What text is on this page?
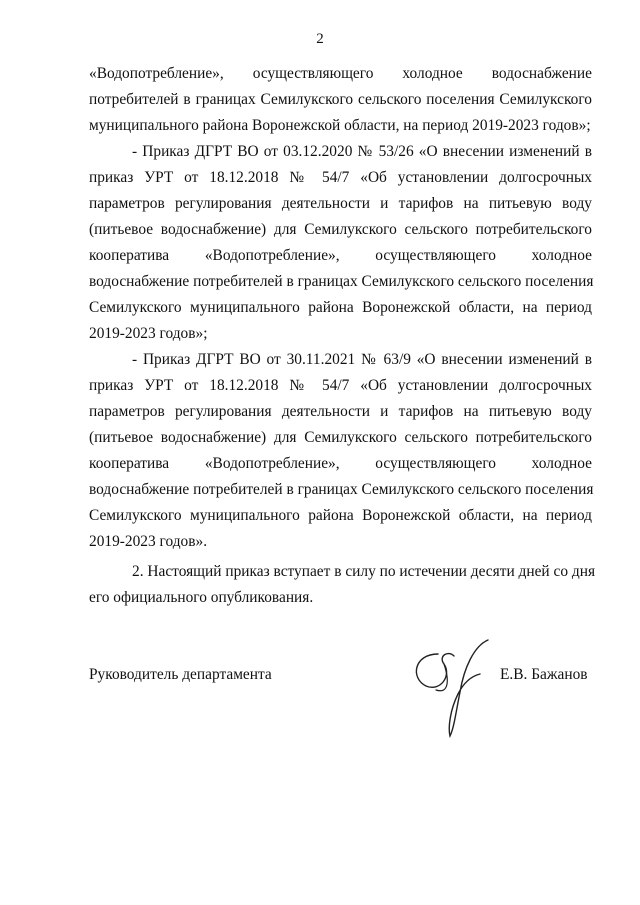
2
«Водопотребление», осуществляющего холодное водоснабжение
потребителей в границах Семилукского сельского поселения Семилукского
муниципального района Воронежской области, на период 2019-2023 годов»;
- Приказ ДГРТ ВО от 03.12.2020 № 53/26 «О внесении изменений в
приказ УРТ от 18.12.2018 № 54/7 «Об установлении долгосрочных
параметров регулирования деятельности и тарифов на питьевую воду
(питьевое водоснабжение) для Семилукского сельского потребительского
кооператива «Водопотребление», осуществляющего холодное
водоснабжение потребителей в границах Семилукского сельского поселения
Семилукского муниципального района Воронежской области, на период
2019-2023 годов»;
- Приказ ДГРТ ВО от 30.11.2021 № 63/9 «О внесении изменений в
приказ УРТ от 18.12.2018 № 54/7 «Об установлении долгосрочных
параметров регулирования деятельности и тарифов на питьевую воду
(питьевое водоснабжение) для Семилукского сельского потребительского
кооператива «Водопотребление», осуществляющего холодное
водоснабжение потребителей в границах Семилукского сельского поселения
Семилукского муниципального района Воронежской области, на период
2019-2023 годов».
2. Настоящий приказ вступает в силу по истечении десяти дней со дня
его официального опубликования.
Руководитель департамента	Е.В. Бажанов
